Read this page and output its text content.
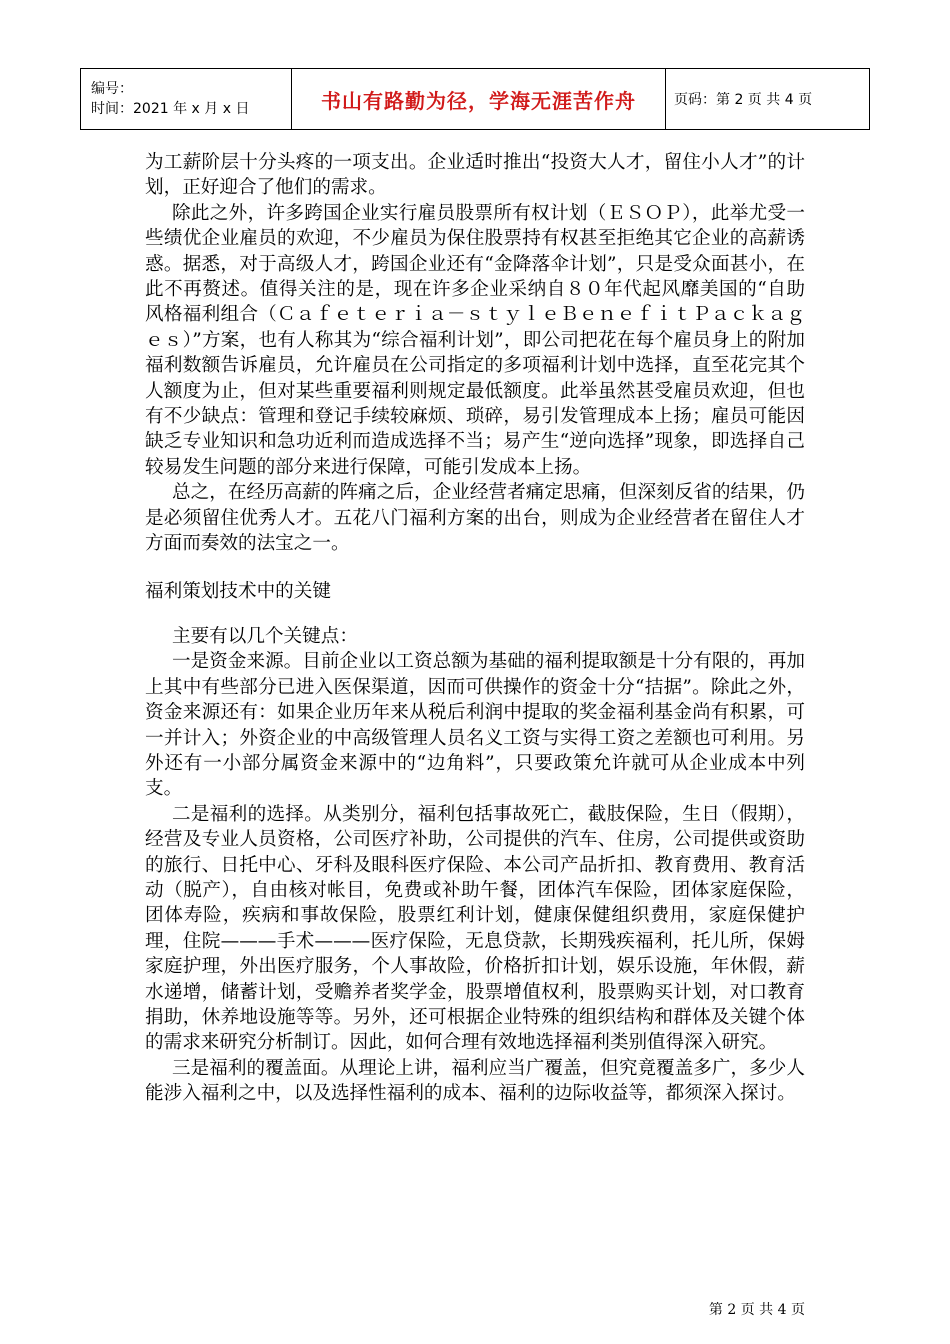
编号：
时间：2021 年 x 月 x 日	书山有路勤为径，学海无涯苦作舟	页码：第 2 页 共 4 页

为工薪阶层十分头疼的一项支出。企业适时推出“投资大人才，留住小人才”的计划，正好迎合了他们的需求。

除此之外，许多跨国企业实行雇员股票所有权计划（ＥＳＯＰ），此举尤受一些绩优企业雇员的欢迎，不少雇员为保住股票持有权甚至拒绝其它企业的高薪诱惑。据悉，对于高级人才，跨国企业还有“金降落伞计划”，只是受众面甚小，在此不再赘述。值得关注的是，现在许多企业采纳自８０年代起风靡美国的“自助风格福利组合（Ｃａｆｅｔｅｒｉａ－ｓｔｙｌｅＢｅｎｅｆｉｔＰａｃｋａｇｅｓ）”方案，也有人称其为“综合福利计划”，即公司把花在每个雇员身上的附加福利数额告诉雇员，允许雇员在公司指定的多项福利计划中选择，直至花完其个人额度为止，但对某些重要福利则规定最低额度。此举虽然甚受雇员欢迎，但也有不少缺点：管理和登记手续较麻烦、琐碎，易引发管理成本上扬；雇员可能因缺乏专业知识和急功近利而造成选择不当；易产生“逆向选择”现象，即选择自己较易发生问题的部分来进行保障，可能引发成本上扬。

总之，在经历高薪的阵痛之后，企业经营者痛定思痛，但深刻反省的结果，仍是必须留住优秀人才。五花八门福利方案的出台，则成为企业经营者在留住人才方面而奏效的法宝之一。

福利策划技术中的关键

主要有以几个关键点：

一是资金来源。目前企业以工资总额为基础的福利提取额是十分有限的，再加上其中有些部分已进入医保渠道，因而可供操作的资金十分“拮据”。除此之外，资金来源还有：如果企业历年来从税后利润中提取的奖金福利基金尚有积累，可一并计入；外资企业的中高级管理人员名义工资与实得工资之差额也可利用。另外还有一小部分属资金来源中的“边角料”，只要政策允许就可从企业成本中列支。

二是福利的选择。从类别分，福利包括事故死亡，截肢保险，生日（假期），经营及专业人员资格，公司医疗补助，公司提供的汽车、住房，公司提供或资助的旅行、日托中心、牙科及眼科医疗保险、本公司产品折扣、教育费用、教育活动（脱产），自由核对帐目，免费或补助午餐，团体汽车保险，团体家庭保险，团体寿险，疾病和事故保险，股票红利计划，健康保健组织费用，家庭保健护理，住院———手术———医疗保险，无息贷款，长期残疾福利，托儿所，保姆家庭护理，外出医疗服务，个人事故险，价格折扣计划，娱乐设施，年休假，薪水递增，储蓄计划，受赡养者奖学金，股票增值权利，股票购买计划，对口教育捐助，休养地设施等等。另外，还可根据企业特殊的组织结构和群体及关键个体的需求来研究分析制订。因此，如何合理有效地选择福利类别值得深入研究。

三是福利的覆盖面。从理论上讲，福利应当广覆盖，但究竟覆盖多广，多少人能涉入福利之中，以及选择性福利的成本、福利的边际收益等，都须深入探讨。

第 2 页 共 4 页
